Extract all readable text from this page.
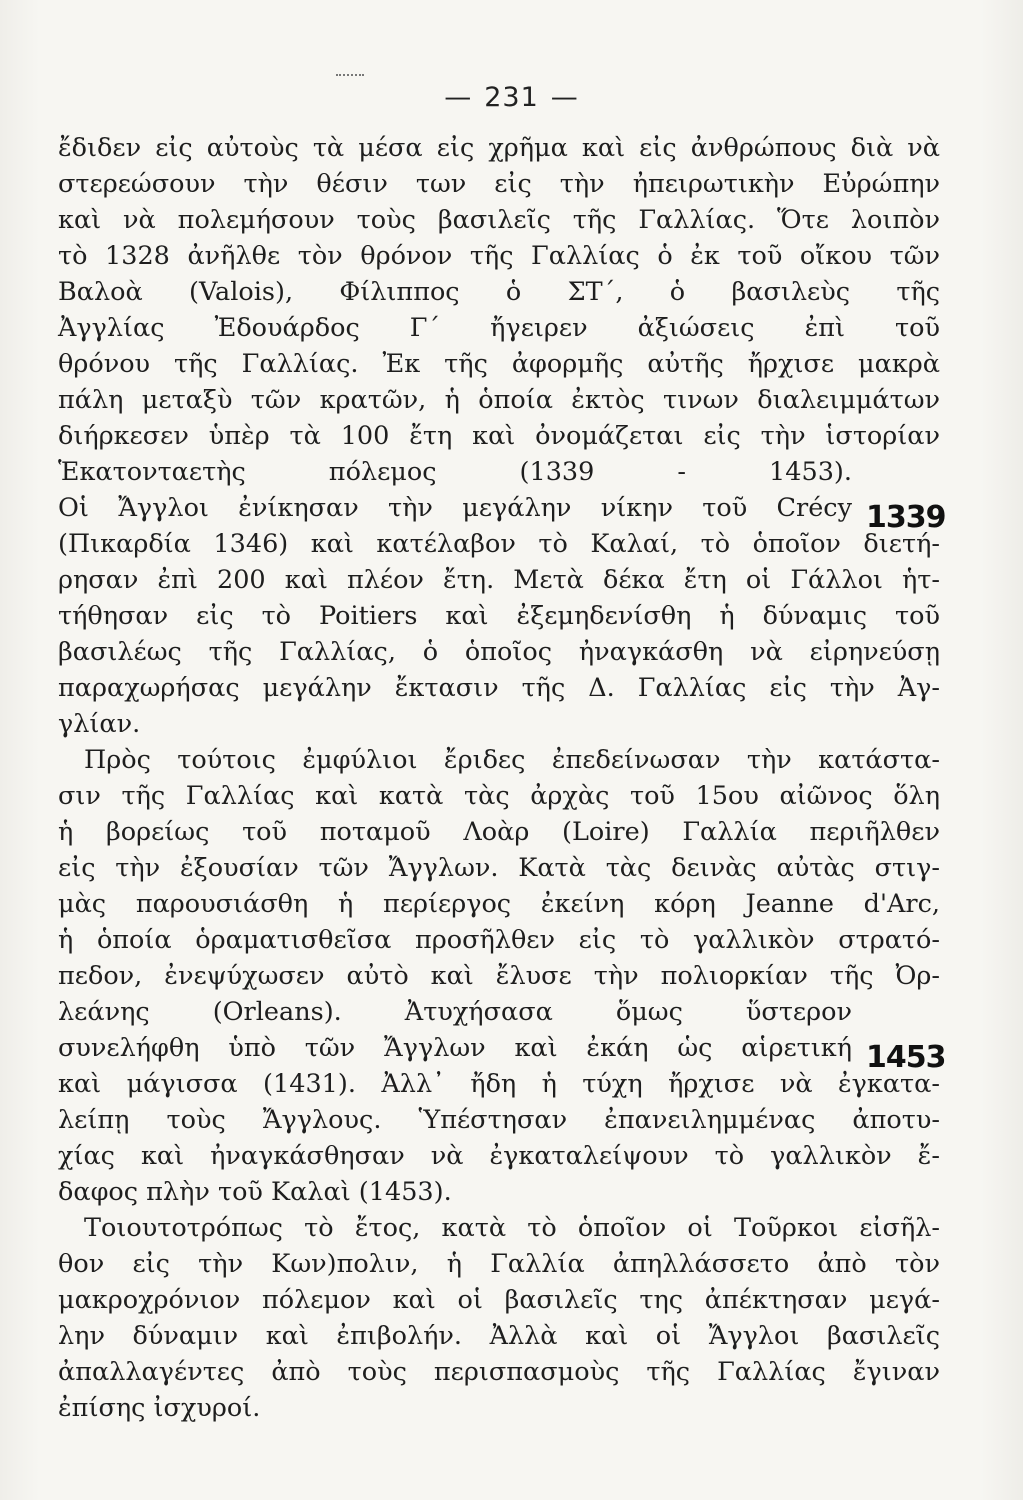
— 231 —
ἔδιδεν εἰς αὐτοὺς τὰ μέσα εἰς χρῆμα καὶ εἰς ἀνθρώπους διὰ νὰ
στερεώσουν τὴν θέσιν των εἰς τὴν ἠπειρωτικὴν Εὐρώπην
καὶ νὰ πολεμήσουν τοὺς βασιλεῖς τῆς Γαλλίας. Ὅτε λοιπὸν
τὸ 1328 ἀνῆλθε τὸν θρόνον τῆς Γαλλίας ὁ ἐκ τοῦ οἴκου τῶν
Βαλοὰ (Valois), Φίλιππος ὁ ΣΤ΄, ὁ βασιλεὺς τῆς
Ἀγγλίας Ἐδουάρδος Γ΄ ἤγειρεν ἀξιώσεις ἐπὶ τοῦ
θρόνου τῆς Γαλλίας. Ἐκ τῆς ἀφορμῆς αὐτῆς ἤρχισε μακρὰ
πάλη μεταξὺ τῶν κρατῶν, ἡ ὁποία ἐκτὸς τινων διαλειμμάτων
διήρκεσεν ὑπὲρ τὰ 100 ἔτη καὶ ὀνομάζεται εἰς τὴν ἱστορίαν
Ἑκατονταετὴς πόλεμος (1339 - 1453).
Οἱ Ἄγγλοι ἐνίκησαν τὴν μεγάλην νίκην τοῦ Crécy
(Πικαρδία 1346) καὶ κατέλαβον τὸ Καλαί, τὸ ὁποῖον διετή-
ρησαν ἐπὶ 200 καὶ πλέον ἔτη. Μετὰ δέκα ἔτη οἱ Γάλλοι ἡτ-
τήθησαν εἰς τὸ Poitiers καὶ ἐξεμηδενίσθη ἡ δύναμις τοῦ
βασιλέως τῆς Γαλλίας, ὁ ὁποῖος ἠναγκάσθη νὰ εἰρηνεύσῃ
παραχωρήσας μεγάλην ἔκτασιν τῆς Δ. Γαλλίας εἰς τὴν Ἀγ-
γλίαν.
Πρὸς τούτοις ἐμφύλιοι ἔριδες ἐπεδείνωσαν τὴν κατάστα-
σιν τῆς Γαλλίας καὶ κατὰ τὰς ἀρχὰς τοῦ 15ου αἰῶνος ὅλη
ἡ βορείως τοῦ ποταμοῦ Λοὰρ (Loire) Γαλλία περιῆλθεν
εἰς τὴν ἐξουσίαν τῶν Ἄγγλων. Κατὰ τὰς δεινὰς αὐτὰς στιγ-
μὰς παρουσιάσθη ἡ περίεργος ἐκείνη κόρη Jeanne d'Arc,
ἡ ὁποία ὁραματισθεῖσα προσῆλθεν εἰς τὸ γαλλικὸν στρατό-
πεδον, ἐνεψύχωσεν αὐτὸ καὶ ἔλυσε τὴν πολιορκίαν τῆς Ὀρ-
λεάνης (Orleans). Ἀτυχήσασα ὅμως ὕστερον
συνελήφθη ὑπὸ τῶν Ἄγγλων καὶ ἐκάη ὡς αἱρετική
καὶ μάγισσα (1431). Ἀλλ᾽ ἤδη ἡ τύχη ἤρχισε νὰ ἐγκατα-
λείπῃ τοὺς Ἄγγλους. Ὑπέστησαν ἐπανειλημμένας ἀποτυ-
χίας καὶ ἠναγκάσθησαν νὰ ἐγκαταλείψουν τὸ γαλλικὸν ἔ-
δαφος πλὴν τοῦ Καλαὶ (1453).
Τοιουτοτρόπως τὸ ἔτος, κατὰ τὸ ὁποῖον οἱ Τοῦρκοι εἰσῆλ-
θον εἰς τὴν Κων)πολιν, ἡ Γαλλία ἀπηλλάσσετο ἀπὸ τὸν
μακροχρόνιον πόλεμον καὶ οἱ βασιλεῖς της ἀπέκτησαν μεγά-
λην δύναμιν καὶ ἐπιβολήν. Ἀλλὰ καὶ οἱ Ἄγγλοι βασιλεῖς
ἀπαλλαγέντες ἀπὸ τοὺς περισπασμοὺς τῆς Γαλλίας ἔγιναν
ἐπίσης ἰσχυροί.
1339
1453
